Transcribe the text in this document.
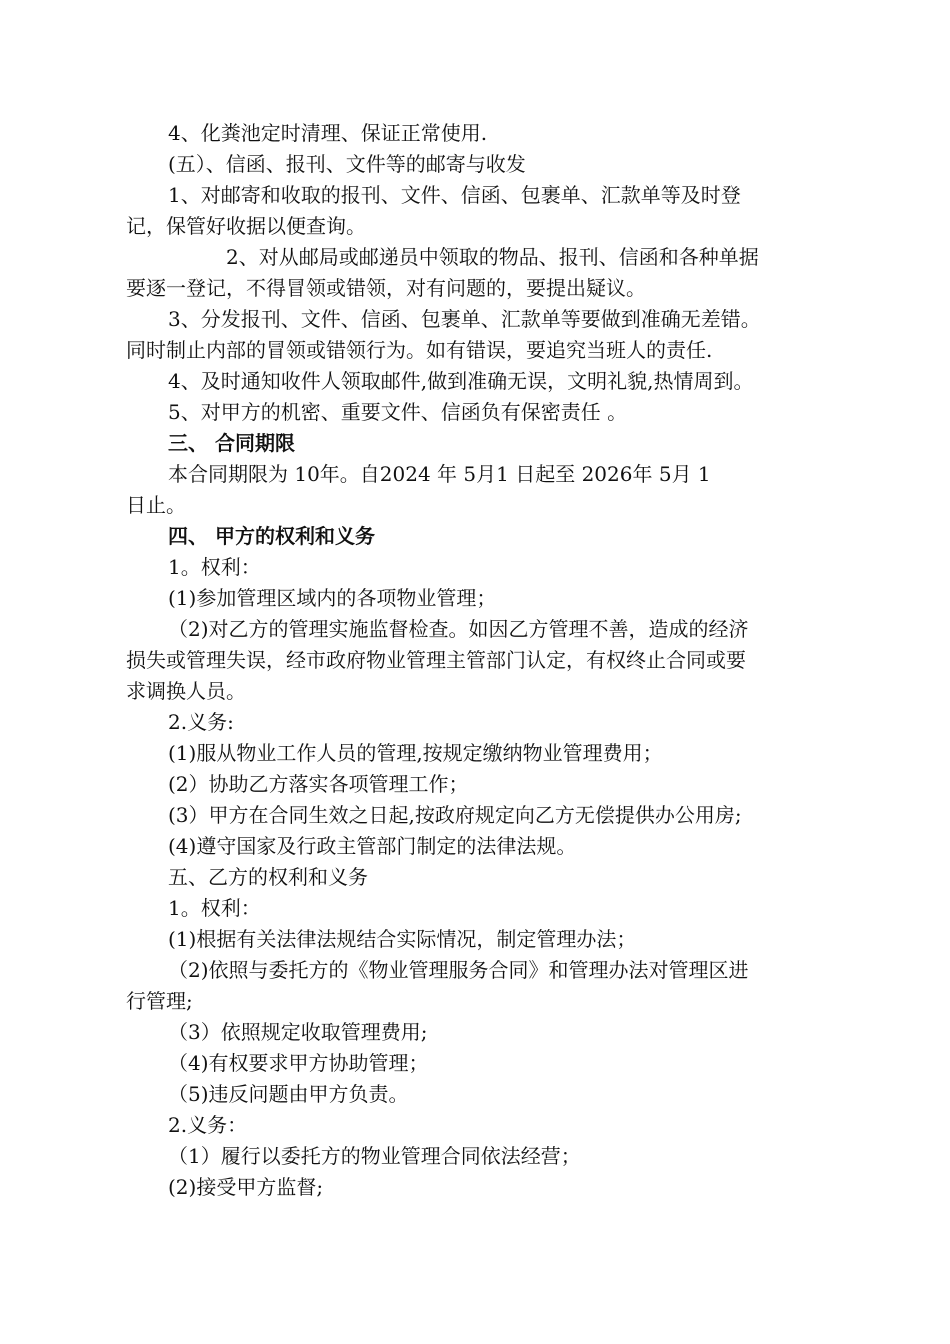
4、化粪池定时清理、保证正常使用.
(五）、信函、报刊、文件等的邮寄与收发
1、对邮寄和收取的报刊、文件、信函、包裹单、汇款单等及时登
记，保管好收据以便查询。
2、对从邮局或邮递员中领取的物品、报刊、信函和各种单据
要逐一登记，不得冒领或错领，对有问题的，要提出疑议。
3、分发报刊、文件、信函、包裹单、汇款单等要做到准确无差错。
同时制止内部的冒领或错领行为。如有错误，要追究当班人的责任.
4、及时通知收件人领取邮件,做到准确无误，文明礼貌,热情周到。
5、对甲方的机密、重要文件、信函负有保密责任 。
三、 合同期限
本合同期限为 10年。自2024 年 5月1 日起至 2026年 5月 1
日止。
四、 甲方的权利和义务
1。权利：
(1)参加管理区域内的各项物业管理；
（2)对乙方的管理实施监督检查。如因乙方管理不善，造成的经济
损失或管理失误，经市政府物业管理主管部门认定，有权终止合同或要
求调换人员。
2.义务:
(1)服从物业工作人员的管理,按规定缴纳物业管理费用；
(2）协助乙方落实各项管理工作；
(3）甲方在合同生效之日起,按政府规定向乙方无偿提供办公用房;
(4)遵守国家及行政主管部门制定的法律法规。
五、乙方的权利和义务
1。权利：
(1)根据有关法律法规结合实际情况，制定管理办法；
（2)依照与委托方的《物业管理服务合同》和管理办法对管理区进
行管理;
（3）依照规定收取管理费用;
（4)有权要求甲方协助管理；
（5)违反问题由甲方负责。
2.义务：
（1）履行以委托方的物业管理合同依法经营；
(2)接受甲方监督;
